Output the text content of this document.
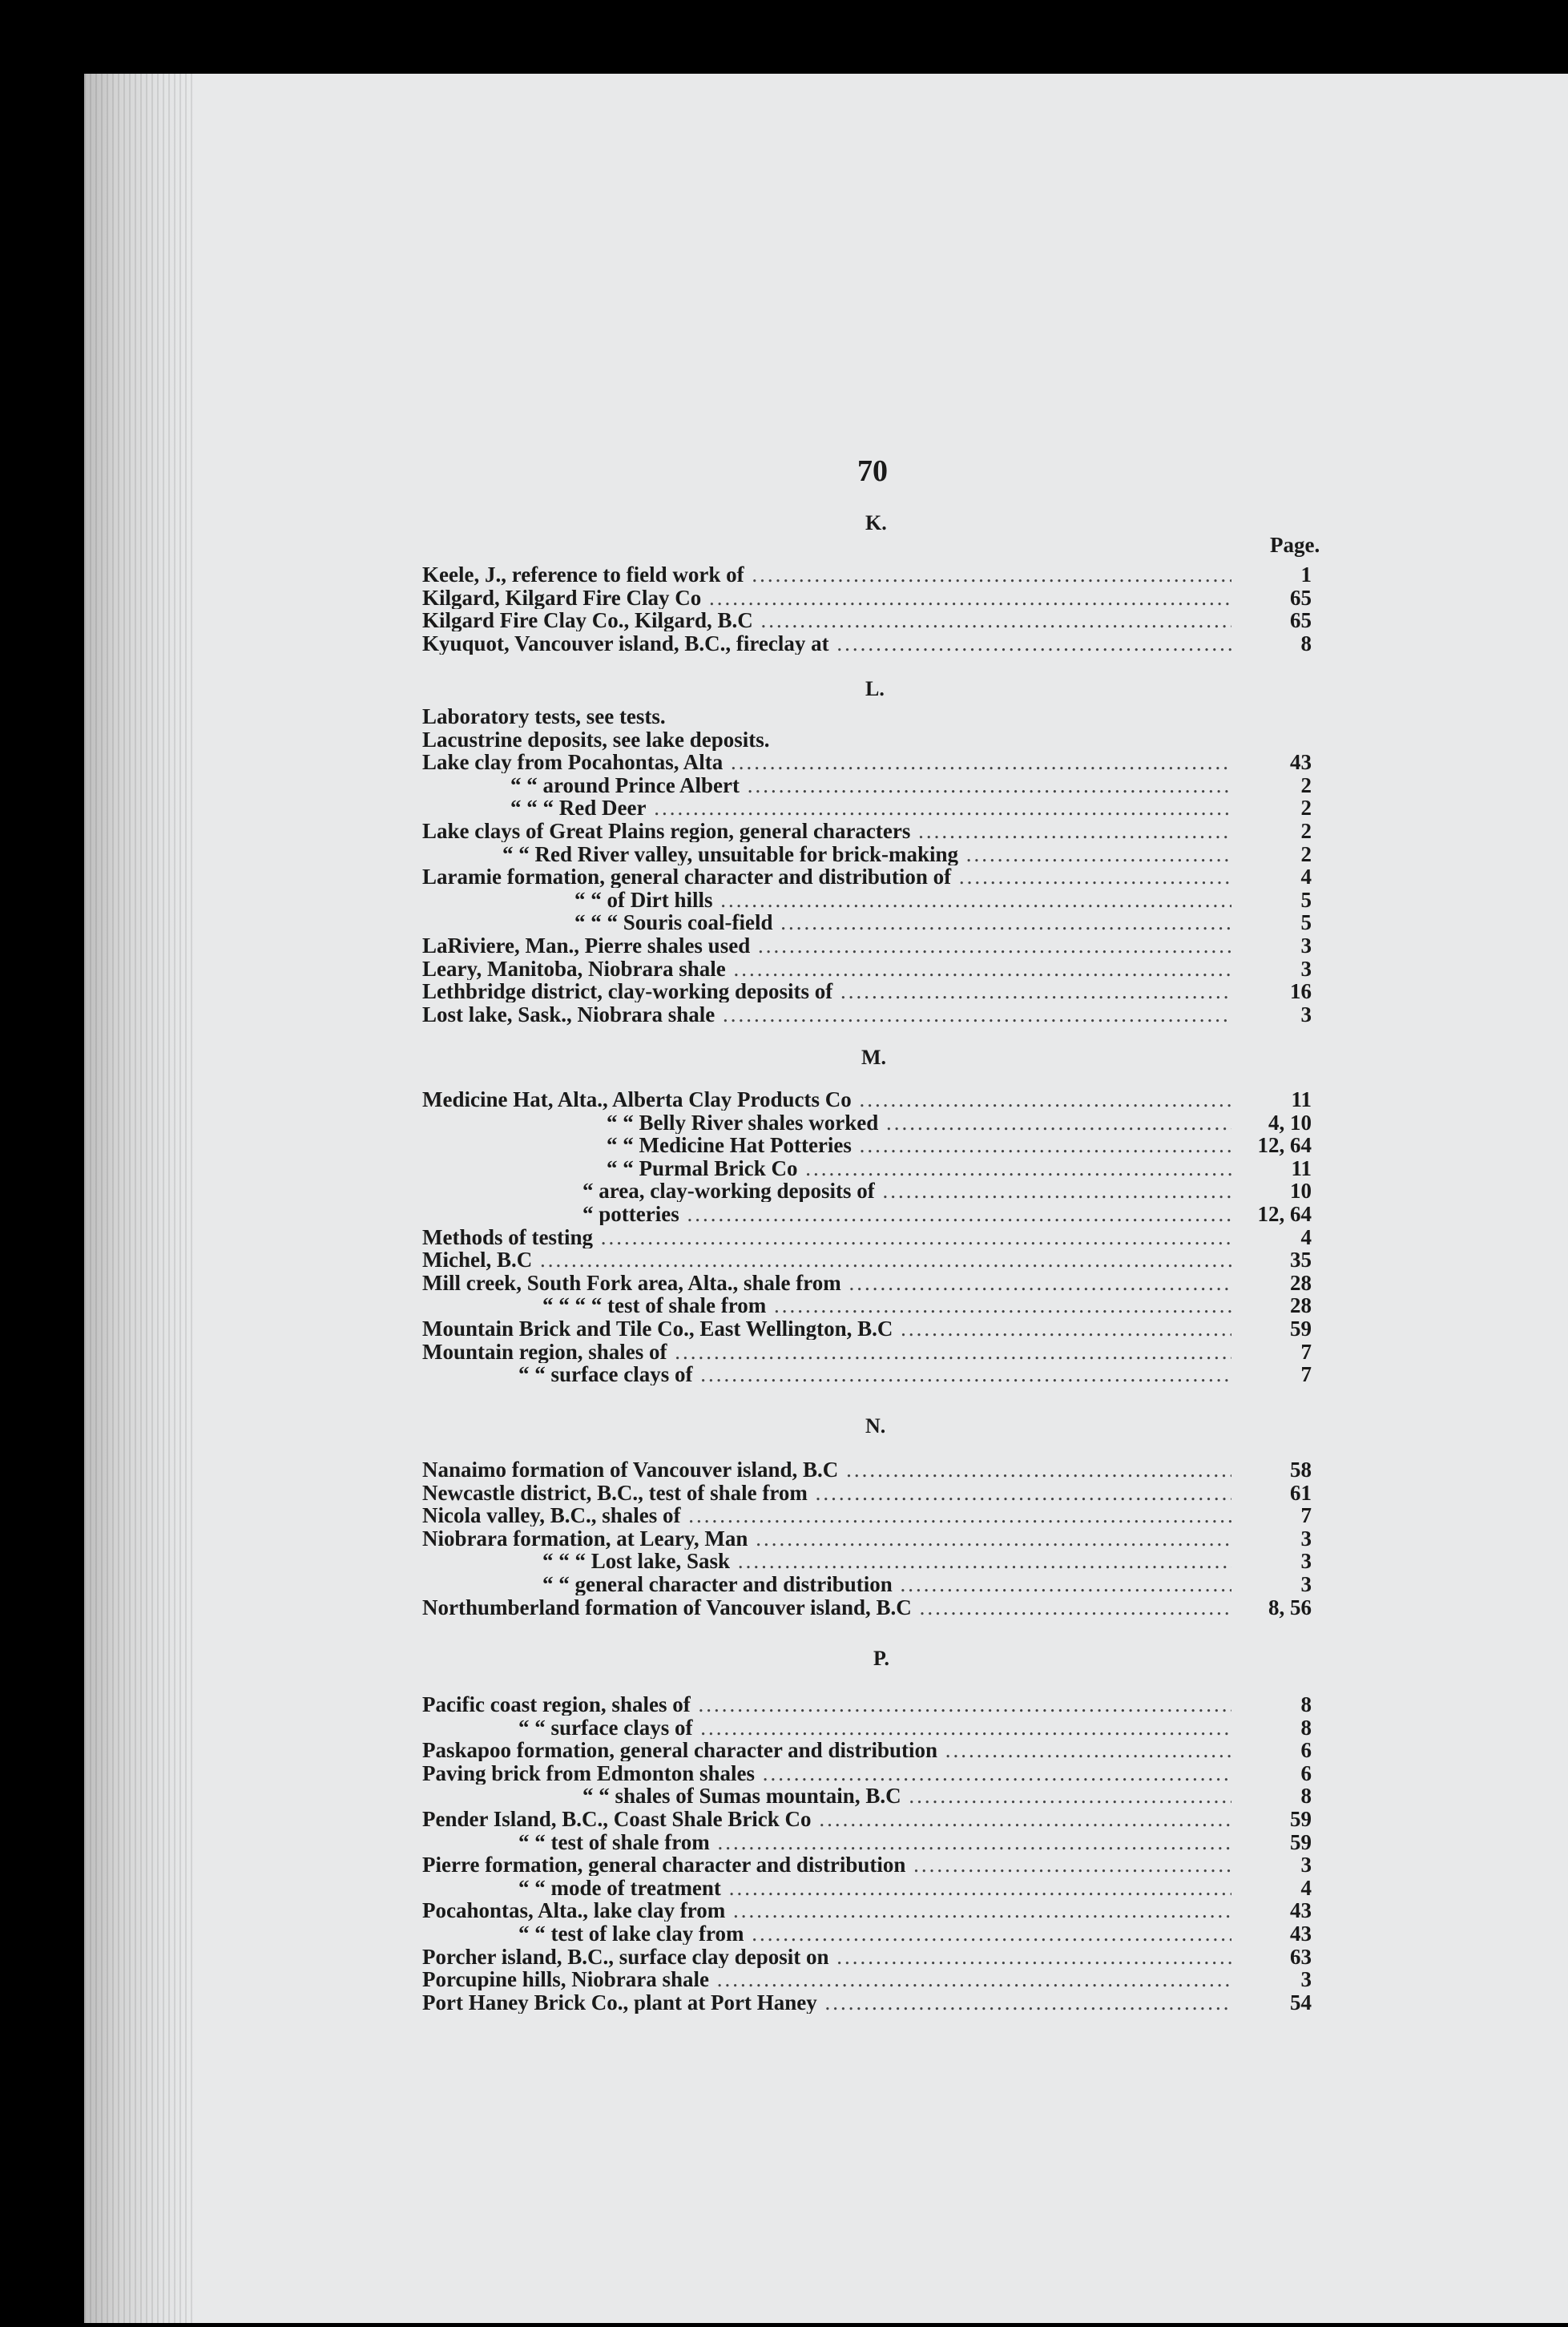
70
Page.
K.
Keele, J., reference to field work of .....	1
Kilgard, Kilgard Fire Clay Co .....	65
Kilgard Fire Clay Co., Kilgard, B.C .....	65
Kyuquot, Vancouver island, B.C., fireclay at .....	8
L.
Laboratory tests, see tests.
Lacustrine deposits, see lake deposits.
Lake clay from Pocahontas, Alta .....	43
“ “ around Prince Albert .....	2
“ “ “ Red Deer .....	2
Lake clays of Great Plains region, general characters .....	2
“ “ Red River valley, unsuitable for brick-making .....	2
Laramie formation, general character and distribution of .....	4
“ “ of Dirt hills .....	5
“ “ “ Souris coal-field .....	5
LaRiviere, Man., Pierre shales used .....	3
Leary, Manitoba, Niobrara shale .....	3
Lethbridge district, clay-working deposits of .....	16
Lost lake, Sask., Niobrara shale .....	3
M.
Medicine Hat, Alta., Alberta Clay Products Co .....	11
“ “ Belly River shales worked .....	4, 10
“ “ Medicine Hat Potteries .....	12, 64
“ “ Purmal Brick Co .....	11
“ area, clay-working deposits of .....	10
“ potteries .....	12, 64
Methods of testing .....	4
Michel, B.C .....	35
Mill creek, South Fork area, Alta., shale from .....	28
“ “ “ “ test of shale from .....	28
Mountain Brick and Tile Co., East Wellington, B.C .....	59
Mountain region, shales of .....	7
“ “ surface clays of .....	7
N.
Nanaimo formation of Vancouver island, B.C .....	58
Newcastle district, B.C., test of shale from .....	61
Nicola valley, B.C., shales of .....	7
Niobrara formation, at Leary, Man .....	3
“ “ “ Lost lake, Sask .....	3
“ “ general character and distribution .....	3
Northumberland formation of Vancouver island, B.C .....	8, 56
P.
Pacific coast region, shales of .....	8
“ “ surface clays of .....	8
Paskapoo formation, general character and distribution .....	6
Paving brick from Edmonton shales .....	6
“ “ shales of Sumas mountain, B.C .....	8
Pender Island, B.C., Coast Shale Brick Co .....	59
“ “ test of shale from .....	59
Pierre formation, general character and distribution .....	3
“ “ mode of treatment .....	4
Pocahontas, Alta., lake clay from .....	43
“ “ test of lake clay from .....	43
Porcher island, B.C., surface clay deposit on .....	63
Porcupine hills, Niobrara shale .....	3
Port Haney Brick Co., plant at Port Haney .....	54
